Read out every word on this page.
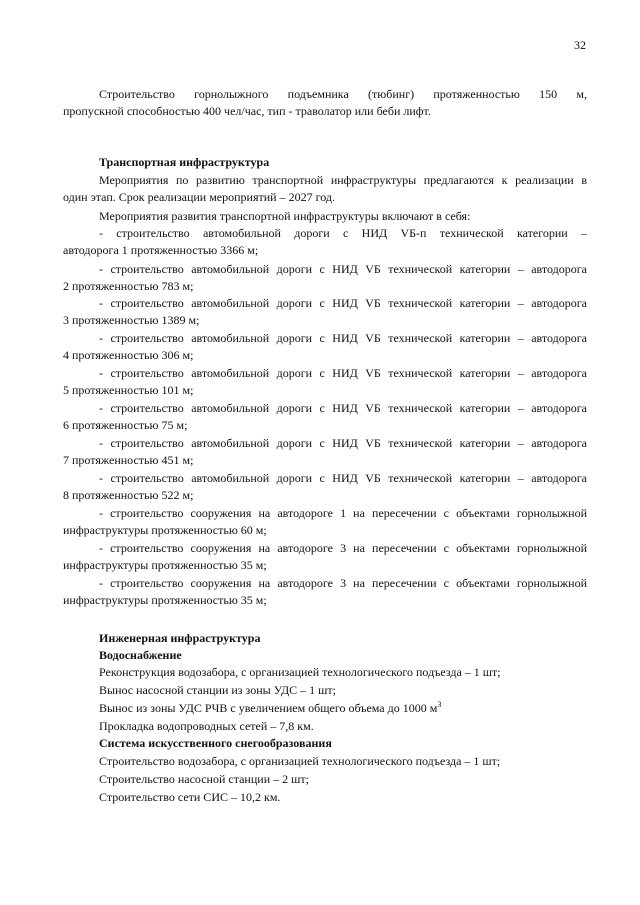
32
Строительство горнолыжного подъемника (тюбинг) протяженностью 150 м,
пропускной способностью 400 чел/час, тип - траволатор или беби лифт.
Транспортная инфраструктура
Мероприятия по развитию транспортной инфраструктуры предлагаются к реализации в
один этап. Срок реализации мероприятий – 2027 год.
Мероприятия развития транспортной инфраструктуры включают в себя:
- строительство автомобильной дороги с НИД VБ-п технической категории –
автодорога 1 протяженностью 3366 м;
- строительство автомобильной дороги с НИД VБ технической категории – автодорога
2 протяженностью 783 м;
- строительство автомобильной дороги с НИД VБ технической категории – автодорога
3 протяженностью 1389 м;
- строительство автомобильной дороги с НИД VБ технической категории – автодорога
4 протяженностью 306 м;
- строительство автомобильной дороги с НИД VБ технической категории – автодорога
5 протяженностью 101 м;
- строительство автомобильной дороги с НИД VБ технической категории – автодорога
6 протяженностью 75 м;
- строительство автомобильной дороги с НИД VБ технической категории – автодорога
7 протяженностью 451 м;
- строительство автомобильной дороги с НИД VБ технической категории – автодорога
8 протяженностью 522 м;
- строительство сооружения на автодороге 1 на пересечении с объектами горнолыжной
инфраструктуры протяженностью 60 м;
- строительство сооружения на автодороге 3 на пересечении с объектами горнолыжной
инфраструктуры протяженностью 35 м;
- строительство сооружения на автодороге 3 на пересечении с объектами горнолыжной
инфраструктуры протяженностью 35 м;
Инженерная инфраструктура
Водоснабжение
Реконструкция водозабора, с организацией технологического подъезда – 1 шт;
Вынос насосной станции из зоны УДС – 1 шт;
Вынос из зоны УДС РЧВ с увеличением общего объема до 1000 $м^3$
Прокладка водопроводных сетей – 7,8 км.
Система искусственного снегообразования
Строительство водозабора, с организацией технологического подъезда – 1 шт;
Строительство насосной станции – 2 шт;
Строительство сети СИС – 10,2 км.
